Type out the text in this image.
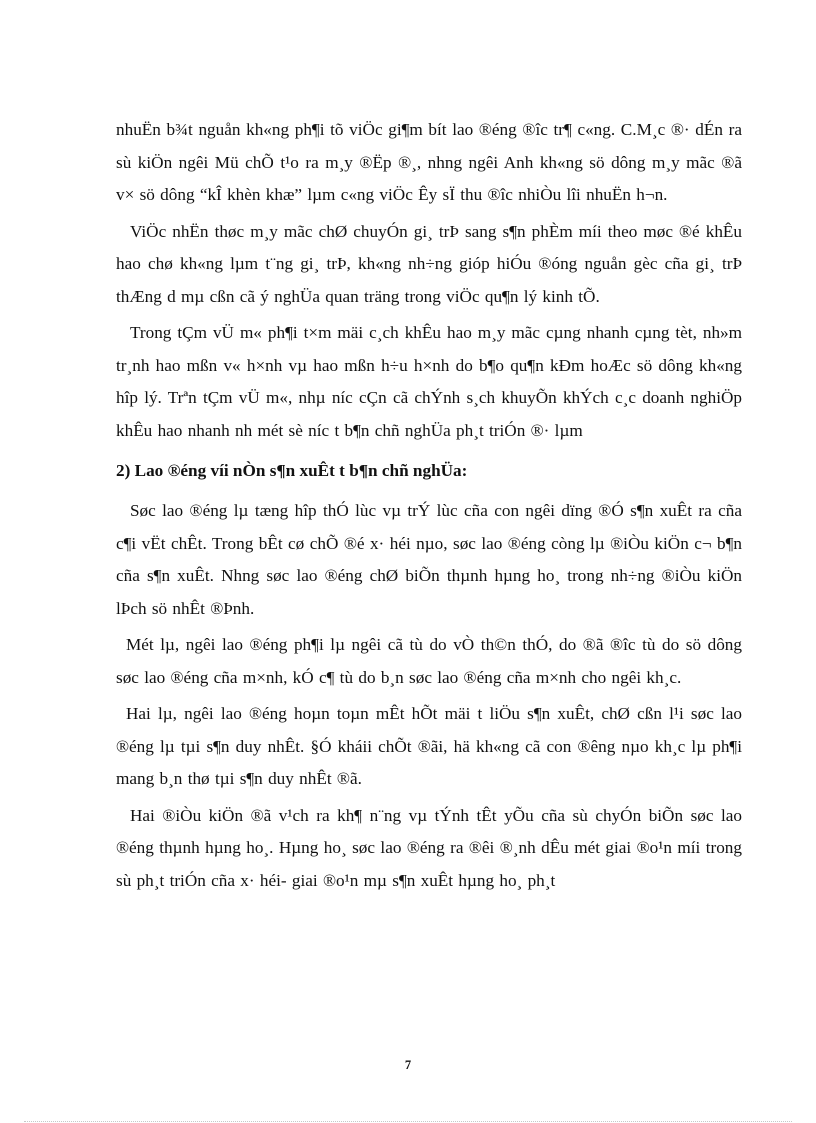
nhuËn b¾t nguån kh«ng ph¶i tõ viÖc gi¶m bít lao ®éng ®îc tr¶ c«ng. C.M¸c ®· dÉn ra sù kiÖn ngêi Mü chÕ t¹o ra m¸y ®Ëp ®¸, nhng ngêi Anh kh«ng sö dông m¸y mãc ®ã v× sö dông “kÎ khèn khæ” lµm c«ng viÖc Êy sÏ thu ®îc nhiÒu lîi nhuËn h¬n.

ViÖc nhËn thøc m¸y mãc chØ chuyÓn gi¸ trÞ sang s¶n phÈm míi theo møc ®é khÊu hao chø kh«ng lµm t¨ng gi¸ trÞ, kh«ng nh÷ng gióp hiÓu ®óng nguån gèc cña gi¸ trÞ thÆng d mµ cßn cã ý nghÜa quan träng trong viÖc qu¶n lý kinh tÕ.

Trong tÇm vÜ m« ph¶i t×m mäi c¸ch khÊu hao m¸y mãc cµng nhanh cµng tèt, nh»m tr¸nh hao mßn v« h×nh vµ hao mßn h÷u h×nh do b¶o qu¶n kÐm hoÆc sö dông kh«ng hîp lý. Trªn tÇm vÜ m«, nhµ níc cÇn cã chÝnh s¸ch khuyÕn khÝch c¸c doanh nghiÖp khÊu hao nhanh nh mét sè níc t b¶n chñ nghÜa ph¸t triÓn ®· lµm

2) Lao ®éng víi nÒn s¶n xuÊt t b¶n chñ nghÜa:

Søc lao ®éng lµ tæng hîp thÓ lùc vµ trÝ lùc cña con ngêi dïng ®Ó s¶n xuÊt ra cña c¶i vËt chÊt. Trong bÊt cø chÕ ®é x· héi nµo, søc lao ®éng còng lµ ®iÒu kiÖn c¬ b¶n cña s¶n xuÊt. Nhng søc lao ®éng chØ biÕn thµnh hµng ho¸ trong nh÷ng ®iÒu kiÖn lÞch sö nhÊt ®Þnh.

Mét lµ, ngêi lao ®éng ph¶i lµ ngêi cã tù do vÒ th©n thÓ, do ®ã ®îc tù do sö dông søc lao ®éng cña m×nh, kÓ c¶ tù do b¸n søc lao ®éng cña m×nh cho ngêi kh¸c.

Hai lµ, ngêi lao ®éng hoµn toµn mÊt hÕt mäi t liÖu s¶n xuÊt, chØ cßn l¹i søc lao ®éng lµ tµi s¶n duy nhÊt. §Ó kháii chÕt ®ãi, hä kh«ng cã con ®êng nµo kh¸c lµ ph¶i mang b¸n thø tµi s¶n duy nhÊt ®ã.

Hai ®iÒu kiÖn ®ã v¹ch ra kh¶ n¨ng vµ tÝnh tÊt yÕu cña sù chyÓn biÕn søc lao ®éng thµnh hµng ho¸. Hµng ho¸ søc lao ®éng ra ®êi ®¸nh dÊu mét giai ®o¹n míi trong sù ph¸t triÓn cña x· héi- giai ®o¹n mµ s¶n xuÊt hµng ho¸ ph¸t

7
